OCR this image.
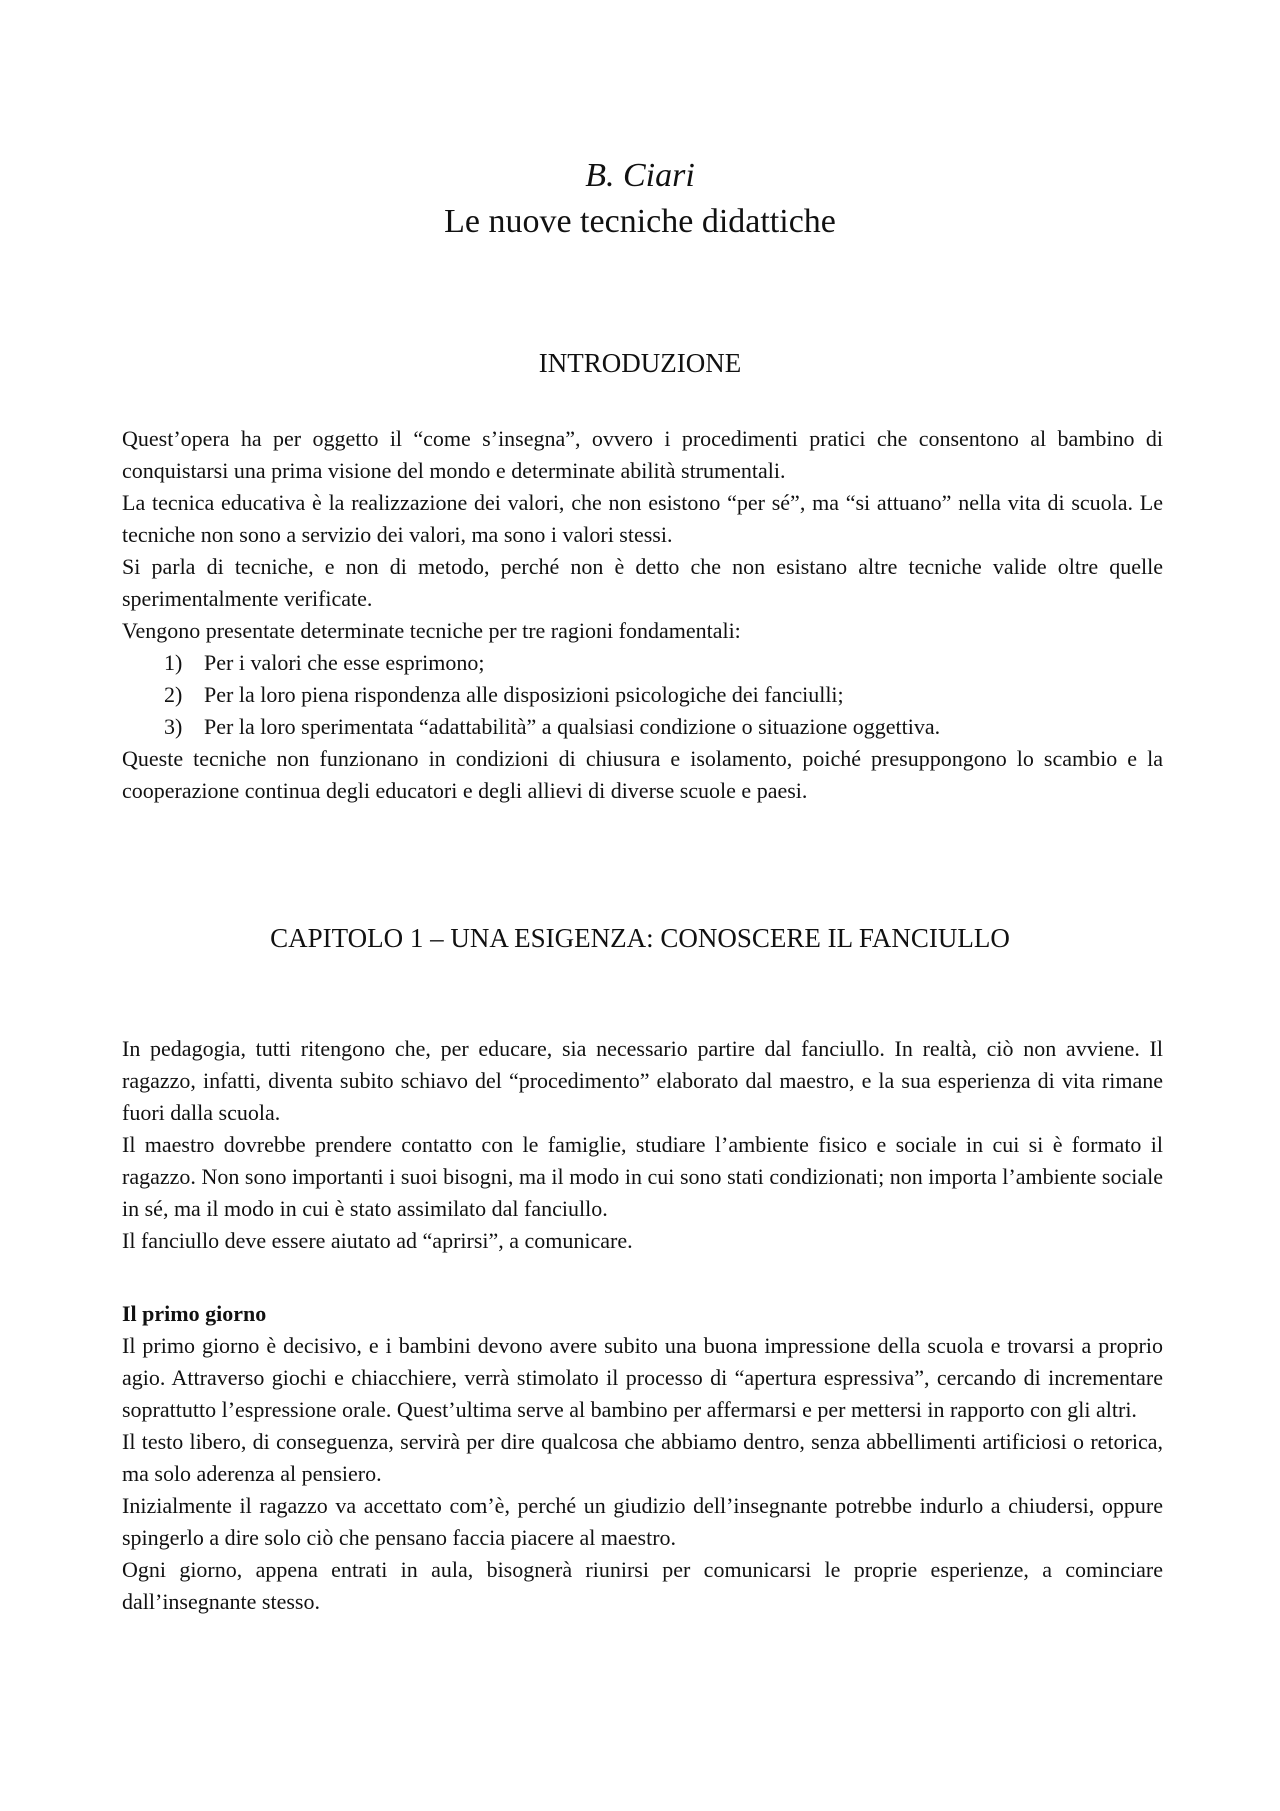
B. Ciari
Le nuove tecniche didattiche
INTRODUZIONE

Quest’opera ha per oggetto il “come s’insegna”, ovvero i procedimenti pratici che consentono al bambino di conquistarsi una prima visione del mondo e determinate abilità strumentali.

La tecnica educativa è la realizzazione dei valori, che non esistono “per sé”, ma “si attuano” nella vita di scuola. Le tecniche non sono a servizio dei valori, ma sono i valori stessi.

Si parla di tecniche, e non di metodo, perché non è detto che non esistano altre tecniche valide oltre quelle sperimentalmente verificate.

Vengono presentate determinate tecniche per tre ragioni fondamentali:

1) Per i valori che esse esprimono;
2) Per la loro piena rispondenza alle disposizioni psicologiche dei fanciulli;
3) Per la loro sperimentata “adattabilità” a qualsiasi condizione o situazione oggettiva.

Queste tecniche non funzionano in condizioni di chiusura e isolamento, poiché presuppongono lo scambio e la cooperazione continua degli educatori e degli allievi di diverse scuole e paesi.

CAPITOLO 1 – UNA ESIGENZA: CONOSCERE IL FANCIULLO

In pedagogia, tutti ritengono che, per educare, sia necessario partire dal fanciullo. In realtà, ciò non avviene. Il ragazzo, infatti, diventa subito schiavo del “procedimento” elaborato dal maestro, e la sua esperienza di vita rimane fuori dalla scuola.

Il maestro dovrebbe prendere contatto con le famiglie, studiare l’ambiente fisico e sociale in cui si è formato il ragazzo. Non sono importanti i suoi bisogni, ma il modo in cui sono stati condizionati; non importa l’ambiente sociale in sé, ma il modo in cui è stato assimilato dal fanciullo.

Il fanciullo deve essere aiutato ad “aprirsi”, a comunicare.

Il primo giorno

Il primo giorno è decisivo, e i bambini devono avere subito una buona impressione della scuola e trovarsi a proprio agio. Attraverso giochi e chiacchiere, verrà stimolato il processo di “apertura espressiva”, cercando di incrementare soprattutto l’espressione orale. Quest’ultima serve al bambino per affermarsi e per mettersi in rapporto con gli altri.

Il testo libero, di conseguenza, servirà per dire qualcosa che abbiamo dentro, senza abbellimenti artificiosi o retorica, ma solo aderenza al pensiero.

Inizialmente il ragazzo va accettato com’è, perché un giudizio dell’insegnante potrebbe indurlo a chiudersi, oppure spingerlo a dire solo ciò che pensano faccia piacere al maestro.

Ogni giorno, appena entrati in aula, bisognerà riunirsi per comunicarsi le proprie esperienze, a cominciare dall’insegnante stesso.
